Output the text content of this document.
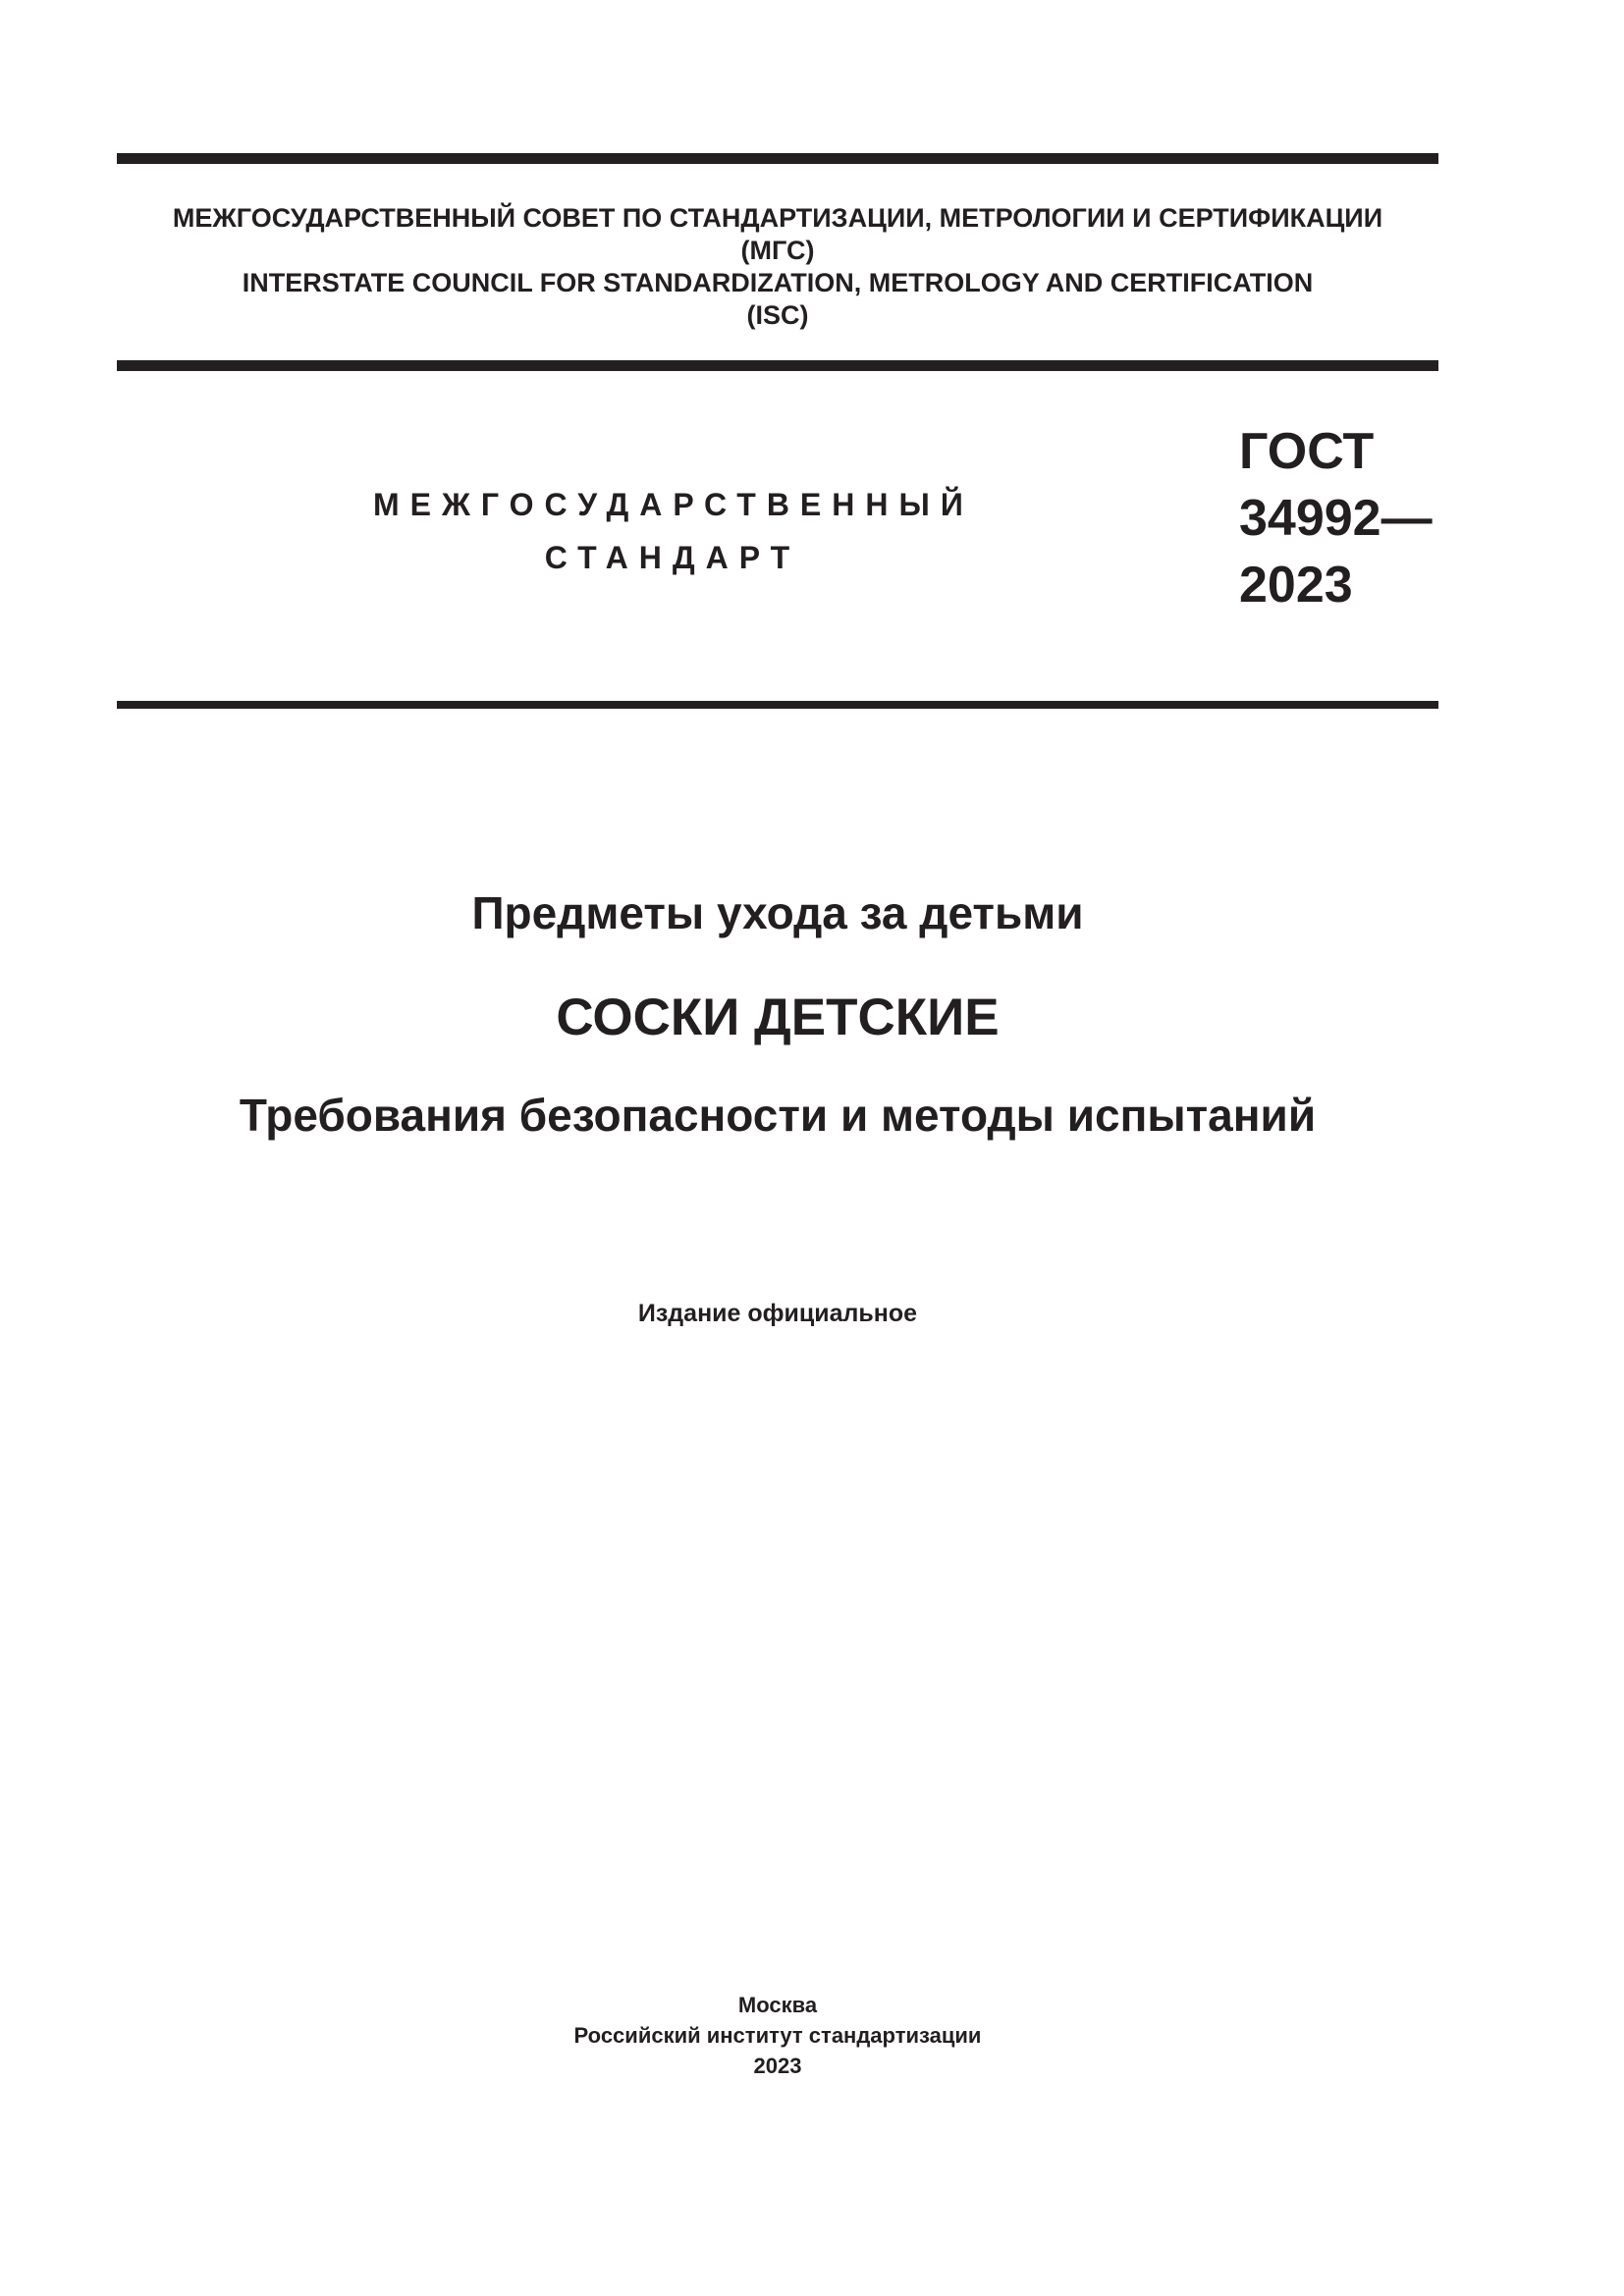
МЕЖГОСУДАРСТВЕННЫЙ СОВЕТ ПО СТАНДАРТИЗАЦИИ, МЕТРОЛОГИИ И СЕРТИФИКАЦИИ
(МГС)
INTERSTATE COUNCIL FOR STANDARDIZATION, METROLOGY AND CERTIFICATION
(ISC)
МЕЖГОСУДАРСТВЕННЫЙ
СТАНДАРТ
ГОСТ
34992—
2023
Предметы ухода за детьми
СОСКИ ДЕТСКИЕ
Требования безопасности и методы испытаний
Издание официальное
Москва
Российский институт стандартизации
2023
